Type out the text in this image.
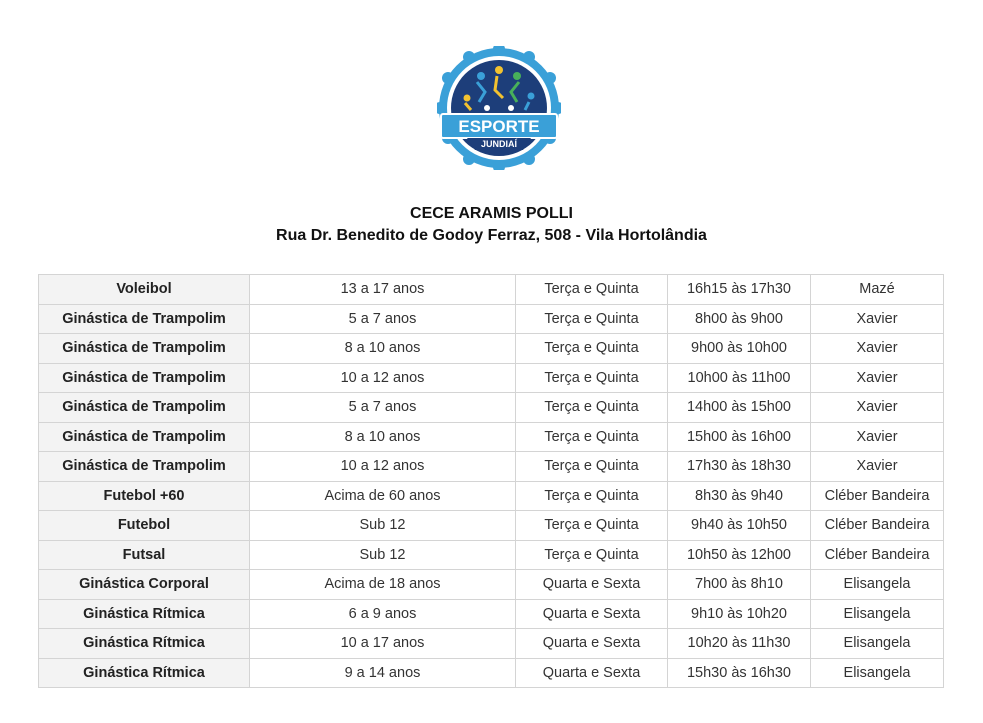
ESPORTE
JUNDIAÍ
CECE ARAMIS POLLI
Rua Dr. Benedito de Godoy Ferraz, 508 - Vila Hortolândia
Voleibol	13 a 17 anos	Terça e Quinta	16h15 às 17h30	Mazé
Ginástica de Trampolim	5 a 7 anos	Terça e Quinta	8h00 às 9h00	Xavier
Ginástica de Trampolim	8 a 10 anos	Terça e Quinta	9h00 às 10h00	Xavier
Ginástica de Trampolim	10 a 12 anos	Terça e Quinta	10h00 às 11h00	Xavier
Ginástica de Trampolim	5 a 7 anos	Terça e Quinta	14h00 às 15h00	Xavier
Ginástica de Trampolim	8 a 10 anos	Terça e Quinta	15h00 às 16h00	Xavier
Ginástica de Trampolim	10 a 12 anos	Terça e Quinta	17h30 às 18h30	Xavier
Futebol +60	Acima de 60 anos	Terça e Quinta	8h30 às 9h40	Cléber Bandeira
Futebol	Sub 12	Terça e Quinta	9h40 às 10h50	Cléber Bandeira
Futsal	Sub 12	Terça e Quinta	10h50 às 12h00	Cléber Bandeira
Ginástica Corporal	Acima de 18 anos	Quarta e Sexta	7h00 às 8h10	Elisangela
Ginástica Rítmica	6 a 9 anos	Quarta e Sexta	9h10 às 10h20	Elisangela
Ginástica Rítmica	10 a 17 anos	Quarta e Sexta	10h20 às 11h30	Elisangela
Ginástica Rítmica	9 a 14 anos	Quarta e Sexta	15h30 às 16h30	Elisangela
